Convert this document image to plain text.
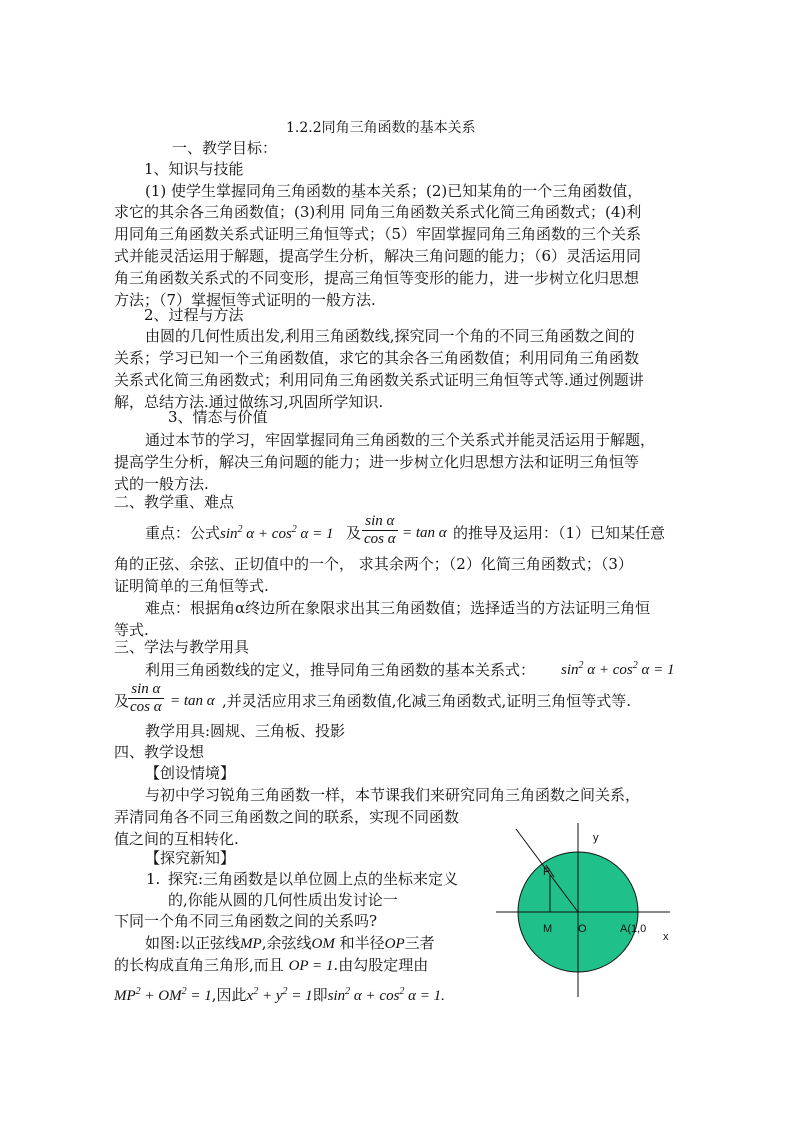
1.2.2同角三角函数的基本关系
一、教学目标：
1、知识与技能
(1) 使学生掌握同角三角函数的基本关系；(2)已知某角的一个三角函数值，
求它的其余各三角函数值；(3)利用 同角三角函数关系式化简三角函数式；(4)利
用同角三角函数关系式证明三角恒等式；（5）牢固掌握同角三角函数的三个关系
式并能灵活运用于解题，提高学生分析，解决三角问题的能力；（6）灵活运用同
角三角函数关系式的不同变形，提高三角恒等变形的能力，进一步树立化归思想
方法；（7）掌握恒等式证明的一般方法.
2、过程与方法
由圆的几何性质出发,利用三角函数线,探究同一个角的不同三角函数之间的
关系；学习已知一个三角函数值，求它的其余各三角函数值；利用同角三角函数
关系式化简三角函数式；利用同角三角函数关系式证明三角恒等式等.通过例题讲
解，总结方法.通过做练习,巩固所学知识.
3、情态与价值
通过本节的学习，牢固掌握同角三角函数的三个关系式并能灵活运用于解题，
提高学生分析，解决三角问题的能力；进一步树立化归思想方法和证明三角恒等
式的一般方法.
二、教学重、难点
重点：公式$\sin^2 \alpha + \cos^2 \alpha = 1$ 及 $\frac{\text{sin α}}{\text{cos α}} = \tan \alpha$ 的推导及运用：（1）已知某任意
角的正弦、余弦、正切值中的一个， 求其余两个；（2）化简三角函数式；（3）
证明简单的三角恒等式.
难点：根据角α终边所在象限求出其三角函数值；选择适当的方法证明三角恒
等式.
三、学法与教学用具
利用三角函数线的定义，推导同角三角函数的基本关系式： $\sin^2 \alpha + \cos^2 \alpha = 1$
及
$\frac{\text{sin α}}{\text{cos α}} = \tan \alpha$ ,并灵活应用求三角函数值,化减三角函数式,证明三角恒等式等.
教学用具:圆规、三角板、投影
四、教学设想
【创设情境】
与初中学习锐角三角函数一样，本节课我们来研究同角三角函数之间关系，
弄清同角各不同三角函数之间的联系，实现不同函数
值之间的互相转化.
【探究新知】
1. 探究:三角函数是以单位圆上点的坐标来定义
的,你能从圆的几何性质出发讨论一
下同一个角不同三角函数之间的关系吗?
如图:以正弦线MP,余弦线OM 和半径OP三者
的长构成直角三角形,而且 OP = 1.由勾股定理由
$MP^2 + OM^2 = 1$,因此$x^2 + y^2 = 1$即$\sin^2 \alpha + \cos^2 \alpha = 1$.
y
x
P
M O	A(1,0
